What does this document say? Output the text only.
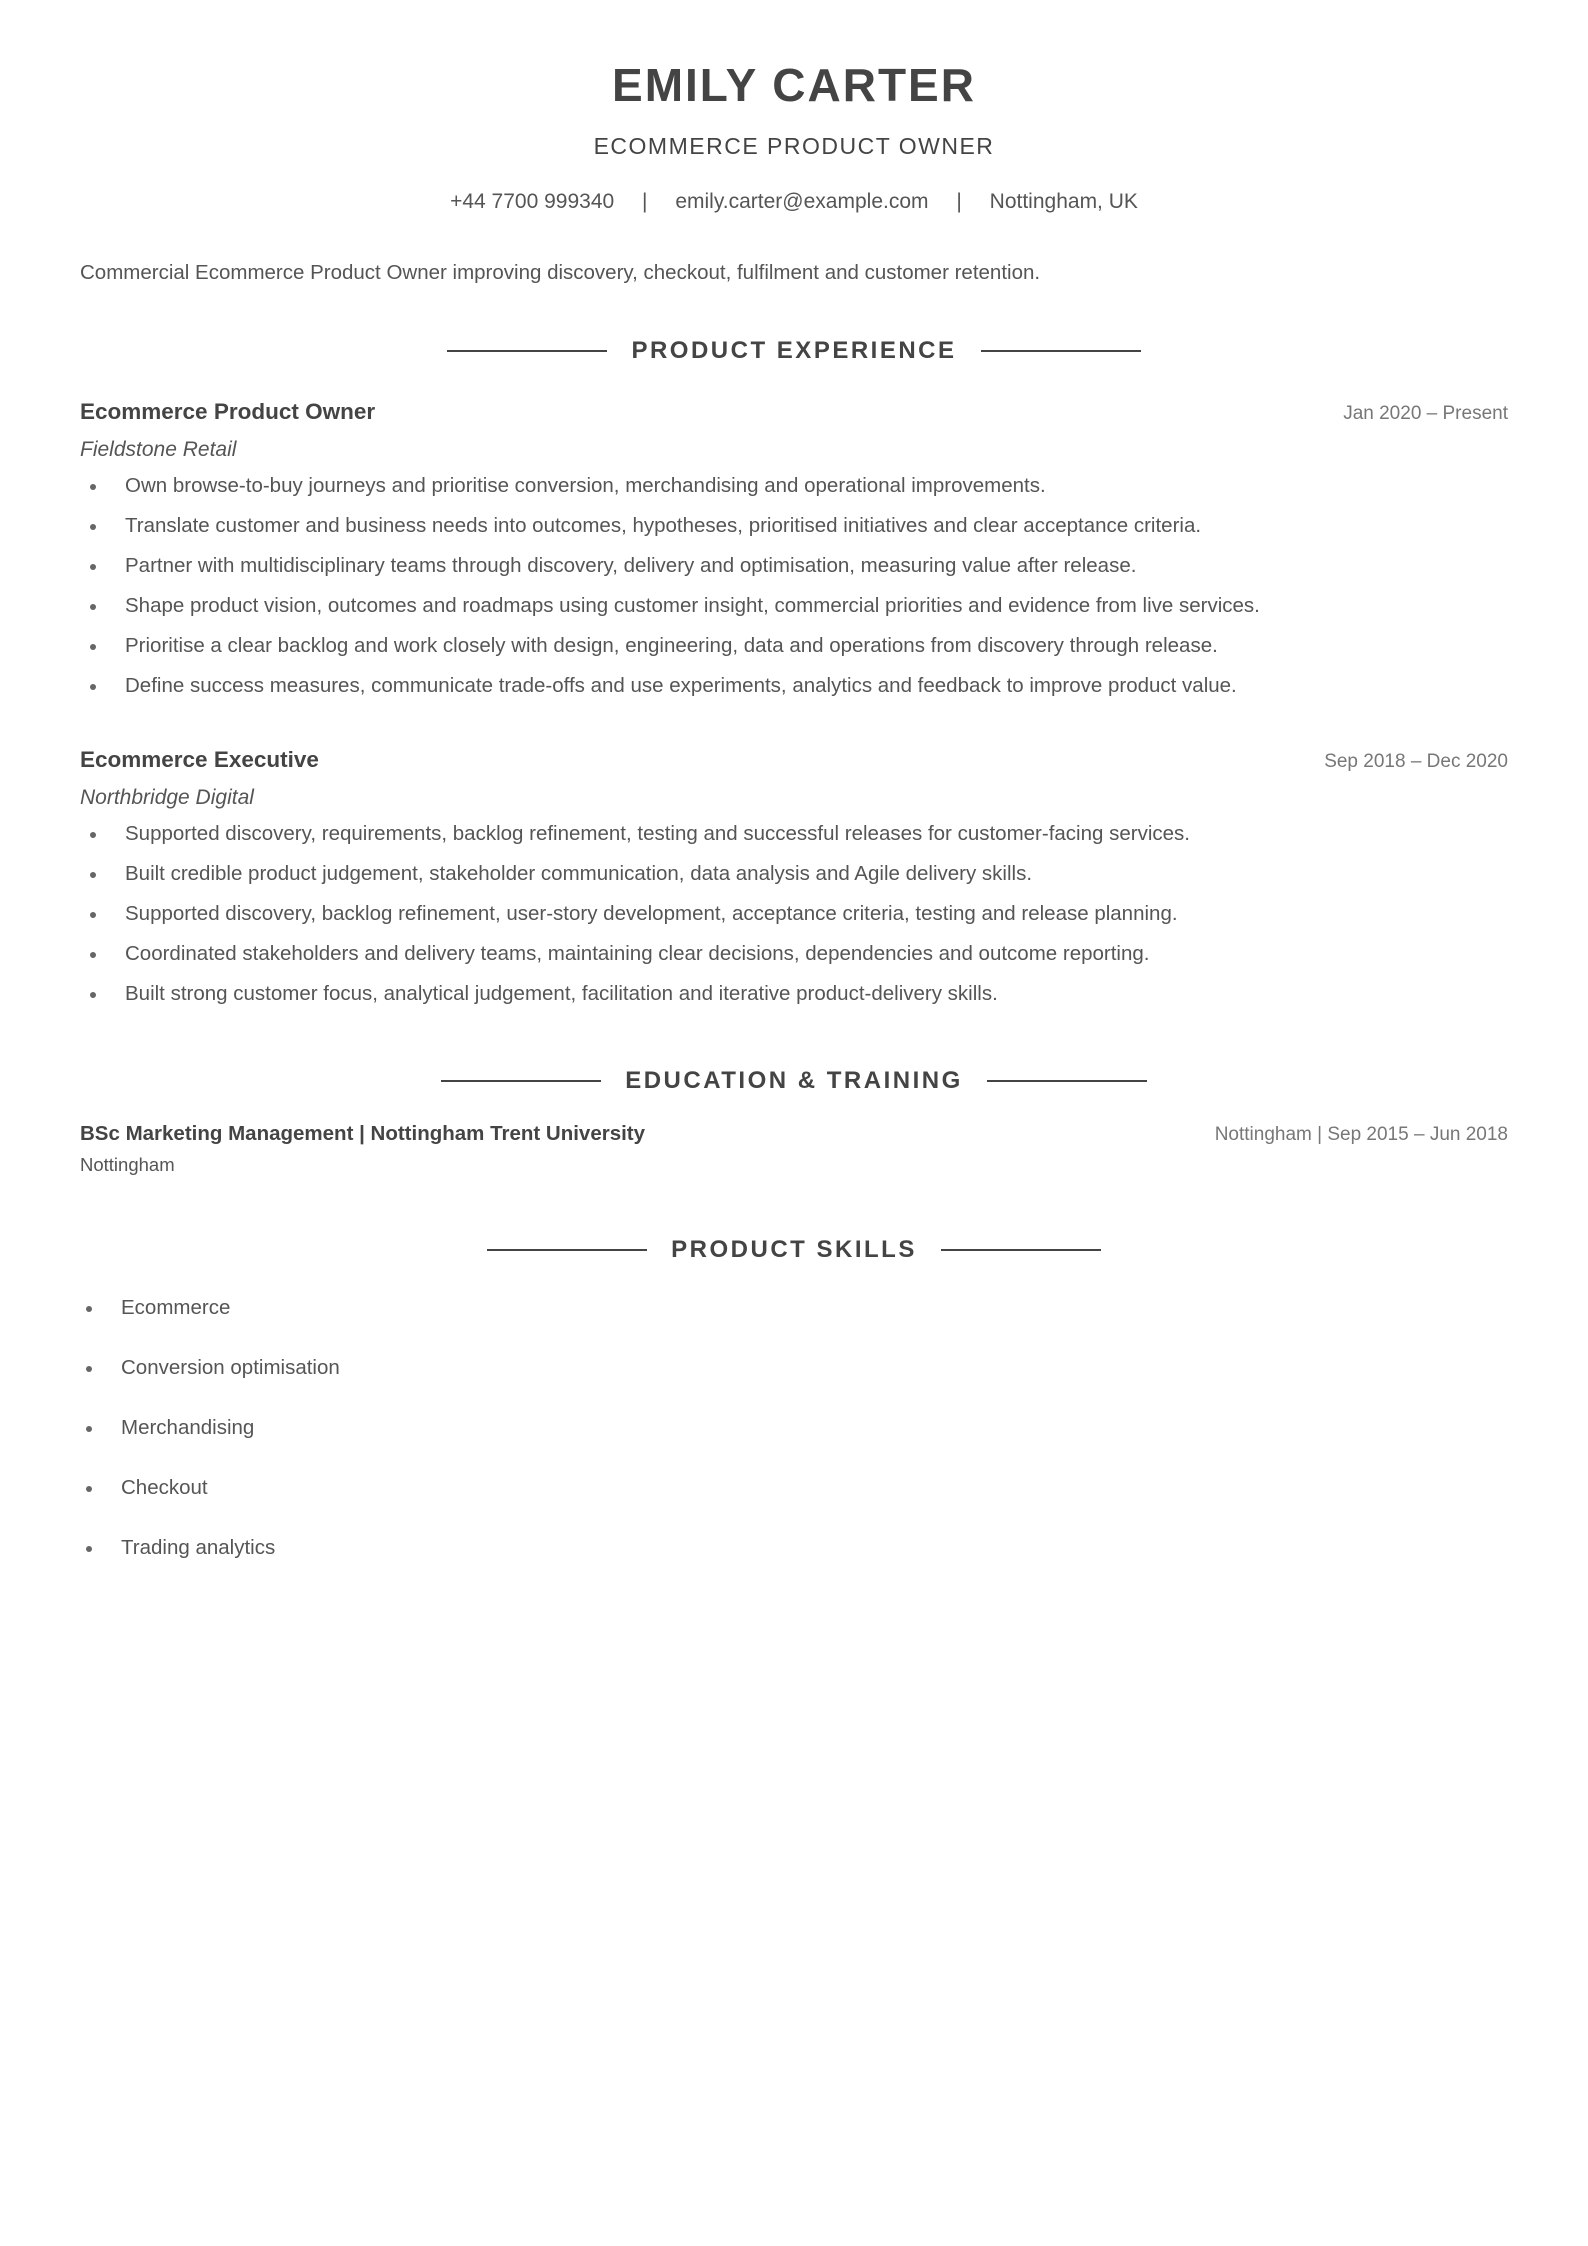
EMILY CARTER
ECOMMERCE PRODUCT OWNER
+44 7700 999340 | emily.carter@example.com | Nottingham, UK

Commercial Ecommerce Product Owner improving discovery, checkout, fulfilment and customer retention.

PRODUCT EXPERIENCE
Ecommerce Product Owner	Jan 2020 – Present
Fieldstone Retail
Own browse-to-buy journeys and prioritise conversion, merchandising and operational improvements.
Translate customer and business needs into outcomes, hypotheses, prioritised initiatives and clear acceptance criteria.
Partner with multidisciplinary teams through discovery, delivery and optimisation, measuring value after release.
Shape product vision, outcomes and roadmaps using customer insight, commercial priorities and evidence from live services.
Prioritise a clear backlog and work closely with design, engineering, data and operations from discovery through release.
Define success measures, communicate trade-offs and use experiments, analytics and feedback to improve product value.
Ecommerce Executive	Sep 2018 – Dec 2020
Northbridge Digital
Supported discovery, requirements, backlog refinement, testing and successful releases for customer-facing services.
Built credible product judgement, stakeholder communication, data analysis and Agile delivery skills.
Supported discovery, backlog refinement, user-story development, acceptance criteria, testing and release planning.
Coordinated stakeholders and delivery teams, maintaining clear decisions, dependencies and outcome reporting.
Built strong customer focus, analytical judgement, facilitation and iterative product-delivery skills.
EDUCATION & TRAINING
BSc Marketing Management | Nottingham Trent University	Nottingham | Sep 2015 – Jun 2018
Nottingham
PRODUCT SKILLS
Ecommerce
Conversion optimisation
Merchandising
Checkout
Trading analytics
